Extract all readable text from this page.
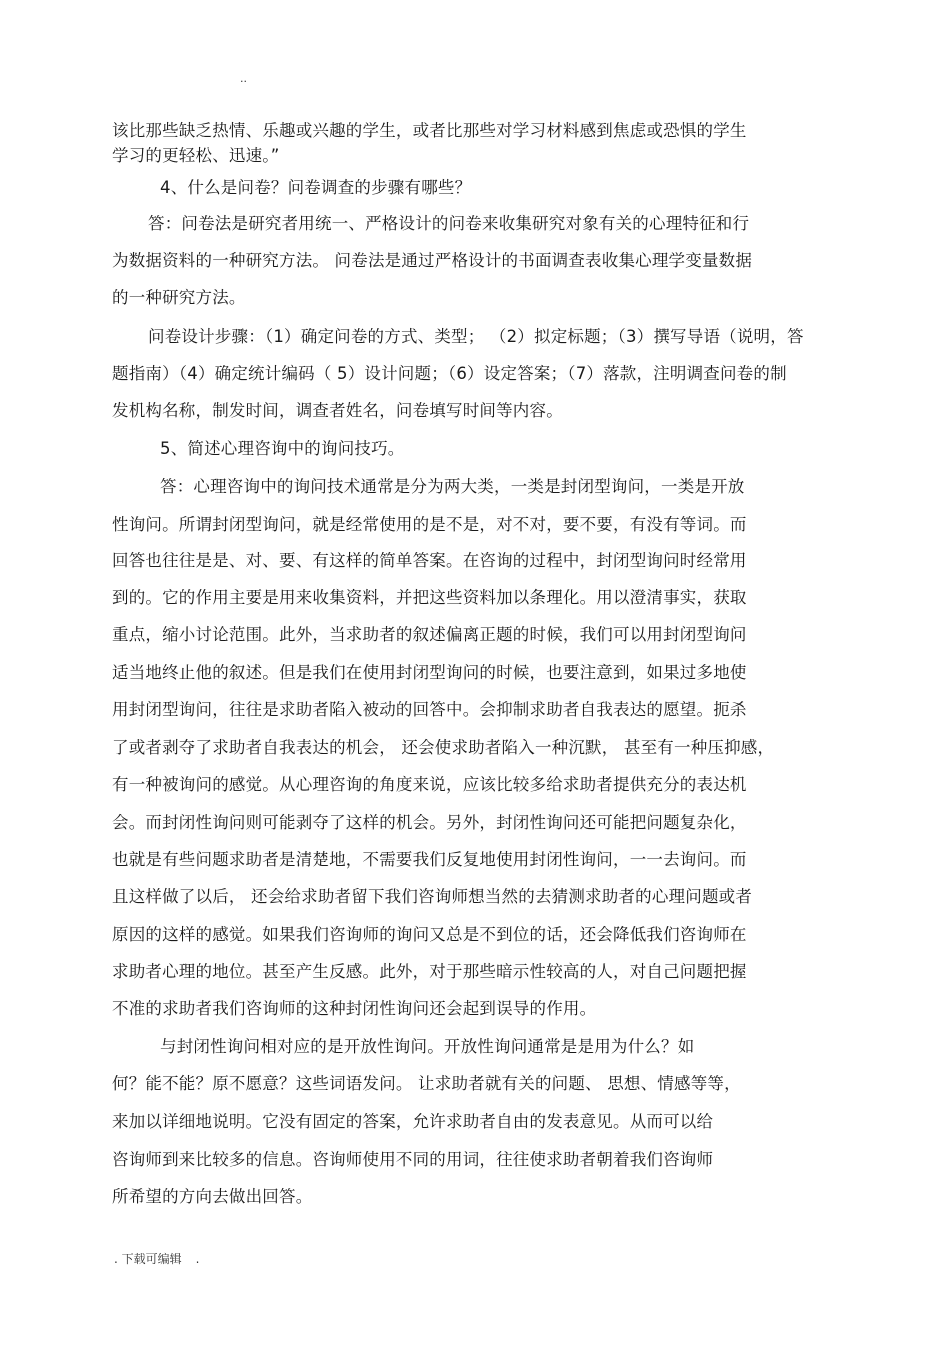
..
该比那些缺乏热情、乐趣或兴趣的学生，或者比那些对学习材料感到焦虑或恐惧的学生
学习的更轻松、迅速。”
4、什么是问卷？问卷调查的步骤有哪些？
答：问卷法是研究者用统一、严格设计的问卷来收集研究对象有关的心理特征和行
为数据资料的一种研究方法。 问卷法是通过严格设计的书面调查表收集心理学变量数据
的一种研究方法。
问卷设计步骤：（1）确定问卷的方式、类型； （2）拟定标题；（3）撰写导语（说明，答
题指南）（4）确定统计编码（ 5）设计问题；（6）设定答案；（7）落款，注明调查问卷的制
发机构名称，制发时间，调查者姓名，问卷填写时间等内容。
5、简述心理咨询中的询问技巧。
答：心理咨询中的询问技术通常是分为两大类，一类是封闭型询问，一类是开放
性询问。所谓封闭型询问，就是经常使用的是不是，对不对，要不要，有没有等词。而
回答也往往是是、对、要、有这样的简单答案。在咨询的过程中，封闭型询问时经常用
到的。它的作用主要是用来收集资料，并把这些资料加以条理化。用以澄清事实，获取
重点，缩小讨论范围。此外，当求助者的叙述偏离正题的时候，我们可以用封闭型询问
适当地终止他的叙述。但是我们在使用封闭型询问的时候，也要注意到，如果过多地使
用封闭型询问，往往是求助者陷入被动的回答中。会抑制求助者自我表达的愿望。扼杀
了或者剥夺了求助者自我表达的机会， 还会使求助者陷入一种沉默， 甚至有一种压抑感，
有一种被询问的感觉。从心理咨询的角度来说，应该比较多给求助者提供充分的表达机
会。而封闭性询问则可能剥夺了这样的机会。另外，封闭性询问还可能把问题复杂化，
也就是有些问题求助者是清楚地，不需要我们反复地使用封闭性询问，一一去询问。而
且这样做了以后， 还会给求助者留下我们咨询师想当然的去猜测求助者的心理问题或者
原因的这样的感觉。如果我们咨询师的询问又总是不到位的话，还会降低我们咨询师在
求助者心理的地位。甚至产生反感。此外，对于那些暗示性较高的人，对自己问题把握
不准的求助者我们咨询师的这种封闭性询问还会起到误导的作用。
与封闭性询问相对应的是开放性询问。开放性询问通常是是用为什么？如
何？能不能？原不愿意？这些词语发问。 让求助者就有关的问题、 思想、情感等等，
来加以详细地说明。它没有固定的答案，允许求助者自由的发表意见。从而可以给
咨询师到来比较多的信息。咨询师使用不同的用词，往往使求助者朝着我们咨询师
所希望的方向去做出回答。
. 下载可编辑 .
